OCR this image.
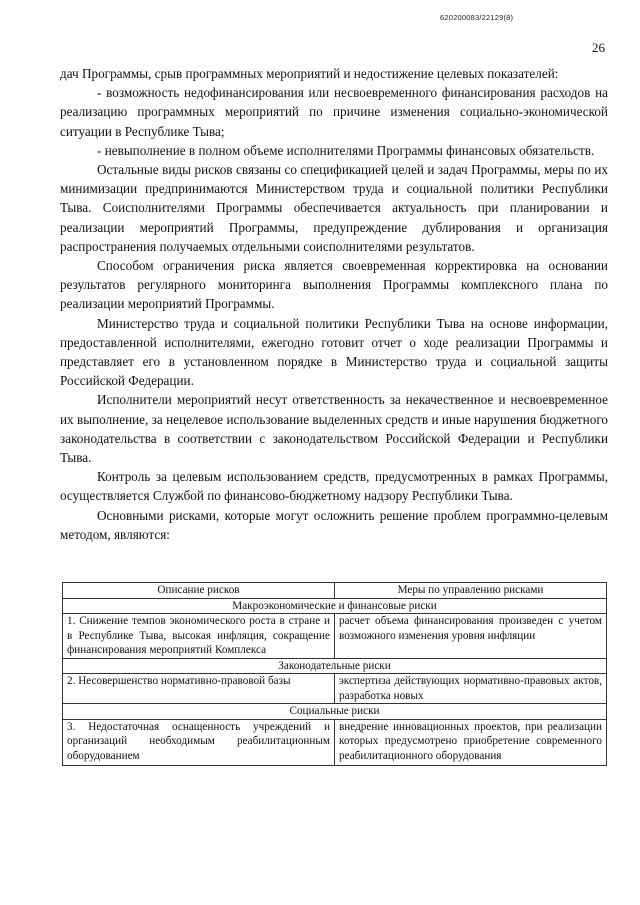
620200083/22129(8)
26

дач Программы, срыв программных мероприятий и недостижение целевых показателей:

- возможность недофинансирования или несвоевременного финансирования расходов на реализацию программных мероприятий по причине изменения социально-экономической ситуации в Республике Тыва;

- невыполнение в полном объеме исполнителями Программы финансовых обязательств.

Остальные виды рисков связаны со спецификацией целей и задач Программы, меры по их минимизации предпринимаются Министерством труда и социальной политики Республики Тыва. Соисполнителями Программы обеспечивается актуальность при планировании и реализации мероприятий Программы, предупреждение дублирования и организация распространения получаемых отдельными соисполнителями результатов.

Способом ограничения риска является своевременная корректировка на основании результатов регулярного мониторинга выполнения Программы комплексного плана по реализации мероприятий Программы.

Министерство труда и социальной политики Республики Тыва на основе информации, предоставленной исполнителями, ежегодно готовит отчет о ходе реализации Программы и представляет его в установленном порядке в Министерство труда и социальной защиты Российской Федерации.

Исполнители мероприятий несут ответственность за некачественное и несвоевременное их выполнение, за нецелевое использование выделенных средств и иные нарушения бюджетного законодательства в соответствии с законодательством Российской Федерации и Республики Тыва.

Контроль за целевым использованием средств, предусмотренных в рамках Программы, осуществляется Службой по финансово-бюджетному надзору Республики Тыва.

Основными рисками, которые могут осложнить решение проблем программно-целевым методом, являются:

Описание рисков	Меры по управлению рисками
Макроэкономические и финансовые риски	
1. Снижение темпов экономического роста в стране и в Республике Тыва, высокая инфляция, сокращение финансирования мероприятий Комплекса	расчет объема финансирования произведен с учетом возможного изменения уровня инфляции
Законодательные риски	
2. Несовершенство нормативно-правовой базы	экспертиза действующих нормативно-правовых актов, разработка новых
Социальные риски	
3. Недостаточная оснащенность учреждений и организаций необходимым реабилитационным оборудованием	внедрение инновационных проектов, при реализации которых предусмотрено приобретение современного реабилитационного оборудования
